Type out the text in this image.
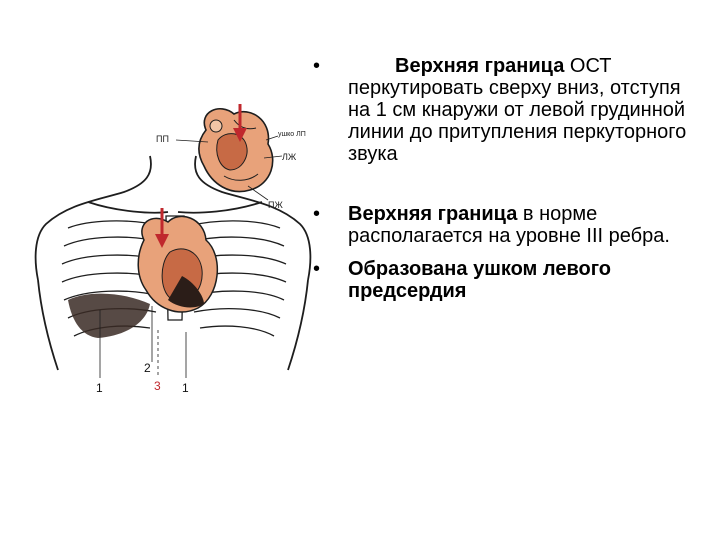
ПП	ушко ЛП
ЛЖ
ПЖ
1
2
3 1
•	Верхняя граница ОСТ перкутировать сверху вниз, отступя на 1 см кнаружи от левой грудинной линии до притупления перкуторного звука
•	Верхняя граница в норме располагается на уровне III ребра.
•	Образована ушком левого предсердия
